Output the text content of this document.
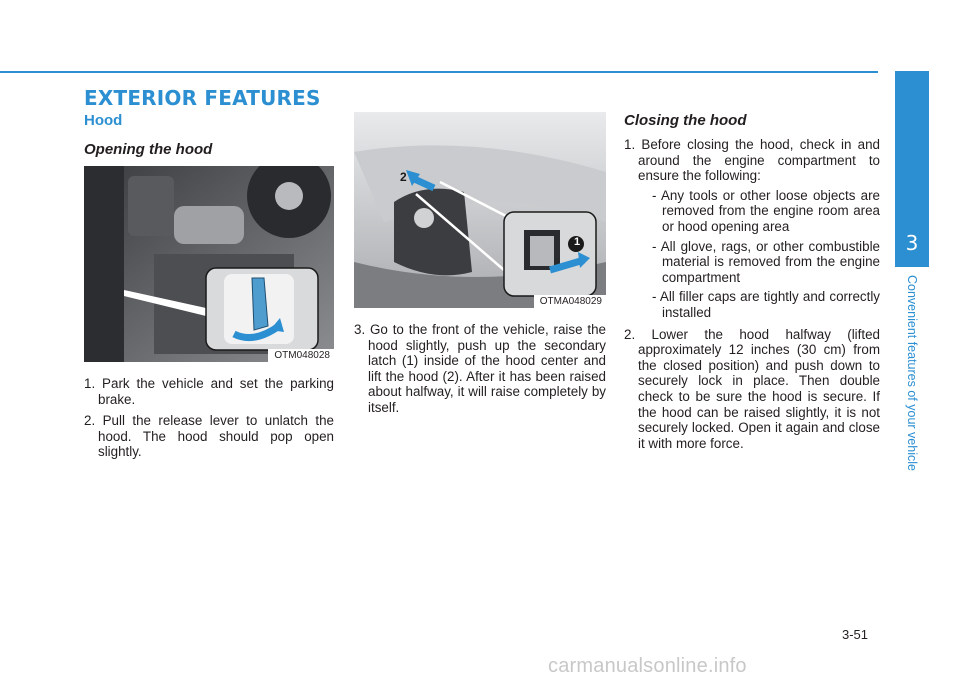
EXTERIOR FEATURES
Hood
Opening the hood
OTM048028
1. Park the vehicle and set the parking brake.
2. Pull the release lever to unlatch the hood. The hood should pop open slightly.
1
2
OTMA048029
3. Go to the front of the vehicle, raise the hood slightly, push up the secondary latch (1) inside of the hood center and lift the hood (2). After it has been raised about halfway, it will raise completely by itself.
Closing the hood
1. Before closing the hood, check in and around the engine compartment to ensure the following:
- Any tools or other loose objects are removed from the engine room area or hood opening area
- All glove, rags, or other combustible material is removed from the engine compartment
- All filler caps are tightly and correctly installed
2. Lower the hood halfway (lifted approximately 12 inches (30 cm) from the closed position) and push down to securely lock in place. Then double check to be sure the hood is secure. If the hood can be raised slightly, it is not securely locked. Open it again and close it with more force.
3
Convenient features of your vehicle
3-51
carmanualsonline.info
